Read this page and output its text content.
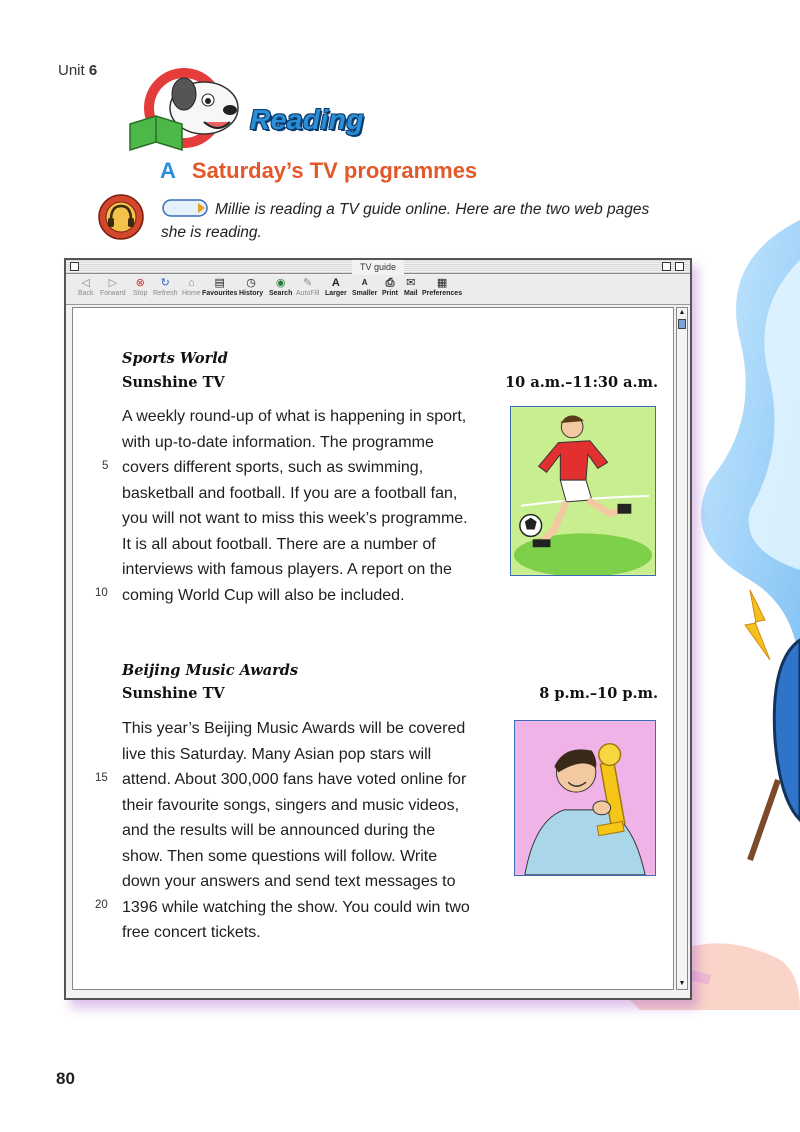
Unit 6
Reading
A Saturday’s TV programmes
Millie is reading a TV guide online. Here are the two web pages
she is reading.
TV guide
◁
Back
▷
Forward
⊗
Stop
↻
Refresh
⌂
Home
▤
Favourites
◷
History
◉
Search
✎
AutoFill
A
Larger
A
Smaller
⎙
Print
✉
Mail
▦
Preferences
Sports World
Sunshine TV	10 a.m.–11:30 a.m.
A weekly round-up of what is happening in sport,
with up-to-date information. The programme
covers different sports, such as swimming,
basketball and football. If you are a football fan,
you will not want to miss this week’s programme.
It is all about football. There are a number of
interviews with famous players. A report on the
coming World Cup will also be included.
5
10
Beijing Music Awards
Sunshine TV	8 p.m.–10 p.m.
This year’s Beijing Music Awards will be covered
live this Saturday. Many Asian pop stars will
attend. About 300,000 fans have voted online for
their favourite songs, singers and music videos,
and the results will be announced during the
show. Then some questions will follow. Write
down your answers and send text messages to
1396 while watching the show. You could win two
free concert tickets.
15
20
▲
▼
80
